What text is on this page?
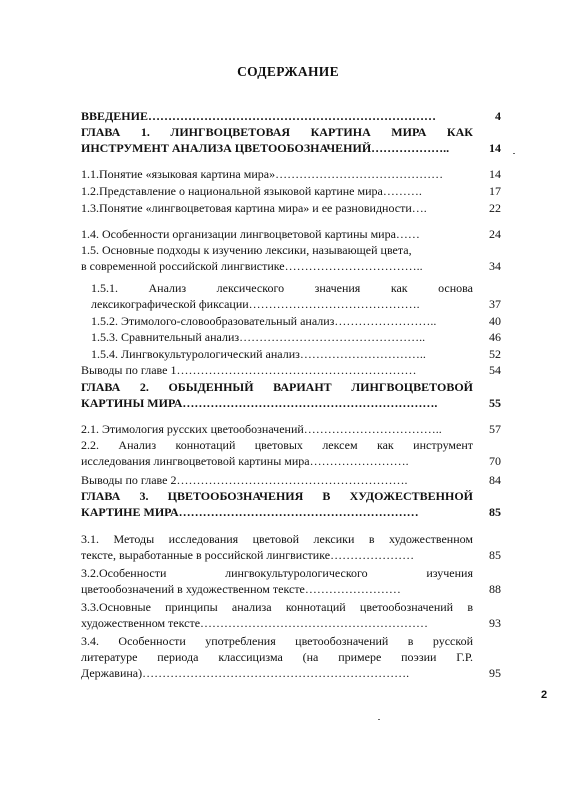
СОДЕРЖАНИЕ
ВВЕДЕНИЕ………………………………………………………………	4
ГЛАВА 1. ЛИНГВОЦВЕТОВАЯ КАРТИНА МИРА КАК
ИНСТРУМЕНТ АНАЛИЗА ЦВЕТООБОЗНАЧЕНИЙ………………..	14
1.1.Понятие «языковая картина мира»……………………………………	14
1.2.Представление о национальной языковой картине мира……….	17
1.3.Понятие «лингвоцветовая картина мира» и ее разновидности….	22
1.4. Особенности организации лингвоцветовой картины мира……	24
1.5. Основные подходы к изучению лексики, называющей цвета,
в современной российской лингвистике……………………………..	34
1.5.1. Анализ лексического значения как основа
лексикографической фиксации…………………………………….	37
1.5.2. Этимолого-словообразовательный анализ……………………..	40
1.5.3. Сравнительный анализ………………………………………..	46
1.5.4. Лингвокультурологический анализ…………………………..	52
Выводы по главе 1……………………………………………………	54
ГЛАВА 2. ОБЫДЕННЫЙ ВАРИАНТ ЛИНГВОЦВЕТОВОЙ
КАРТИНЫ МИРА……………………………………………………….	55
2.1. Этимология русских цветообозначений……………………………..	57
2.2. Анализ коннотаций цветовых лексем как инструмент
исследования лингвоцветовой картины мира…………………….	70
Выводы по главе 2………………………………………………….	84
ГЛАВА 3. ЦВЕТООБОЗНАЧЕНИЯ В ХУДОЖЕСТВЕННОЙ
КАРТИНЕ МИРА……………………………………………………	85
3.1. Методы исследования цветовой лексики в художественном
тексте, выработанные в российской лингвистике…………………	85
3.2.Особенности лингвокультурологического изучения
цветообозначений в художественном тексте……………………	88
3.3.Основные принципы анализа коннотаций цветообозначений в
художественном тексте…………………………………………………	93
3.4. Особенности употребления цветообозначений в русской
литературе периода классицизма (на примере поэзии Г.Р.
Державина)………………………………………………………….	95
2
